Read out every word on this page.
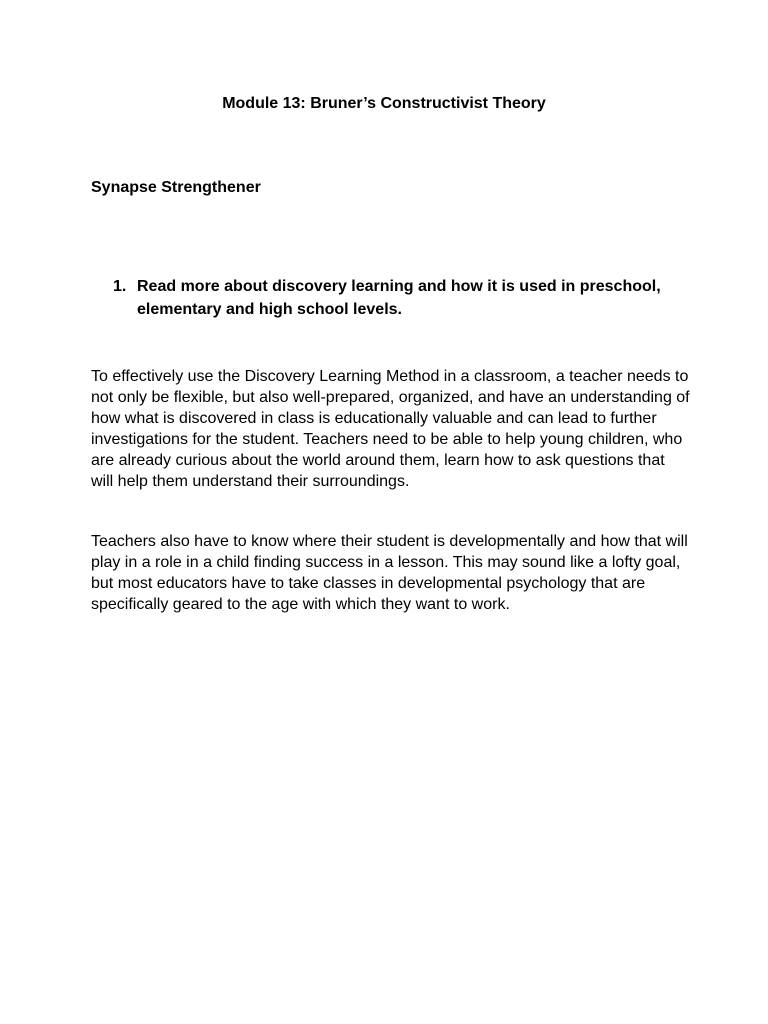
Module 13: Bruner’s Constructivist Theory
Synapse Strengthener
1. Read more about discovery learning and how it is used in preschool, elementary and high school levels.

To effectively use the Discovery Learning Method in a classroom, a teacher needs to not only be flexible, but also well-prepared, organized, and have an understanding of how what is discovered in class is educationally valuable and can lead to further investigations for the student. Teachers need to be able to help young children, who are already curious about the world around them, learn how to ask questions that will help them understand their surroundings.

Teachers also have to know where their student is developmentally and how that will play in a role in a child finding success in a lesson. This may sound like a lofty goal, but most educators have to take classes in developmental psychology that are specifically geared to the age with which they want to work.
